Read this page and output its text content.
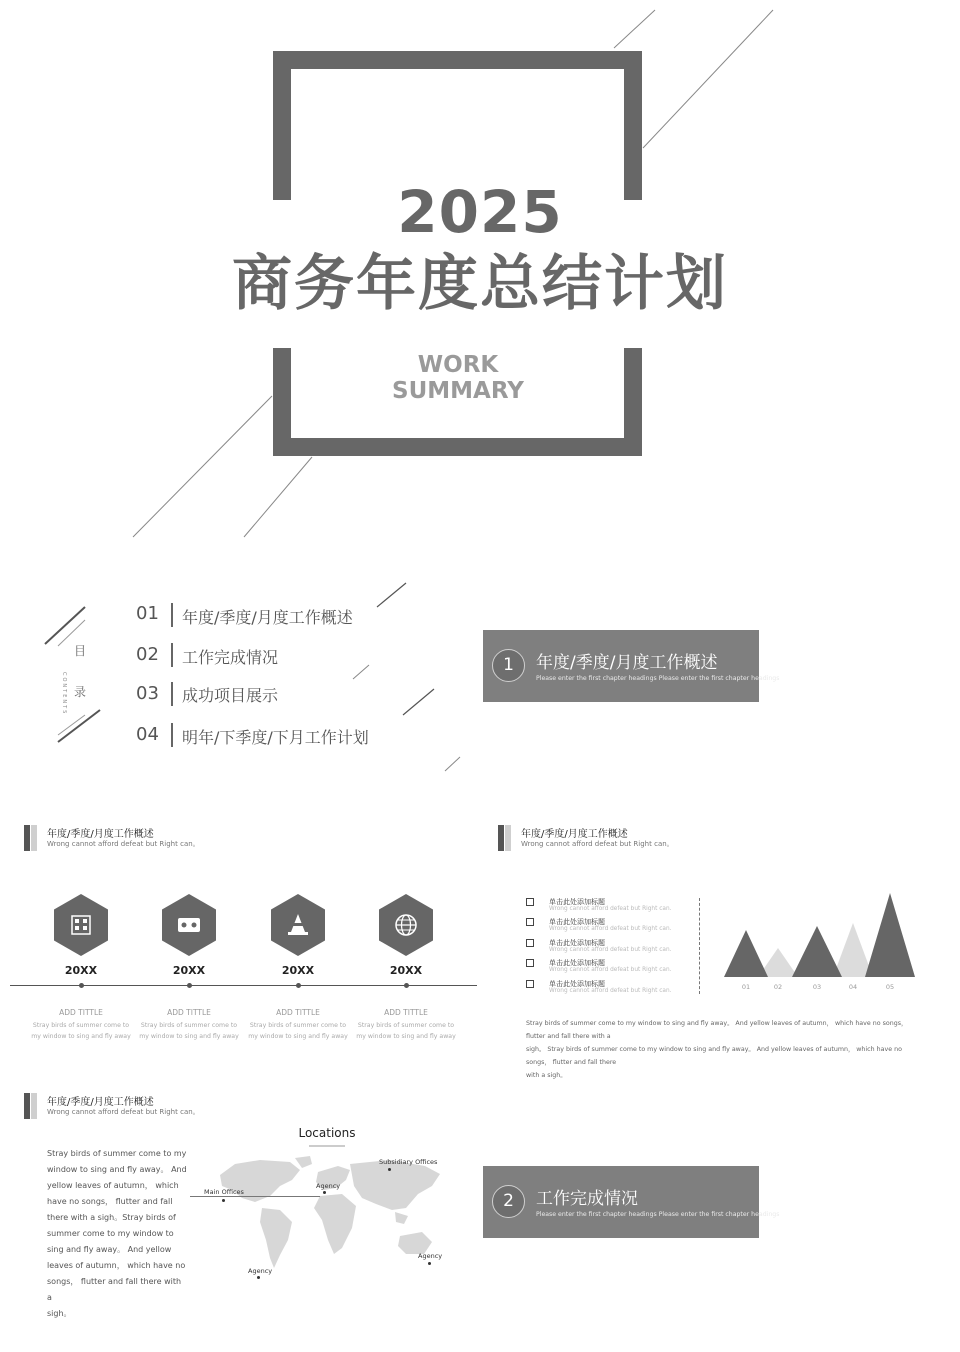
2025
商务年度总结计划
WORK
SUMMARY
目
录
CONTENTS
01 年度/季度/月度工作概述
02 工作完成情况
03 成功项目展示
04 明年/下季度/下月工作计划
1	年度/季度/月度工作概述
Please enter the first chapter headings Please enter the first chapter headings
年度/季度/月度工作概述
Wrong cannot afford defeat but Right can。
20XX	20XX	20XX	20XX
ADD TITTLE	ADD TITTLE	ADD TITTLE	ADD TITTLE
Stray birds of summer come to
my window to sing and fly away
Stray birds of summer come to
my window to sing and fly away
Stray birds of summer come to
my window to sing and fly away
Stray birds of summer come to
my window to sing and fly away
年度/季度/月度工作概述
Wrong cannot afford defeat but Right can。
单击此处添加标题
Wrong cannot afford defeat but Right can.
单击此处添加标题
Wrong cannot afford defeat but Right can.
单击此处添加标题
Wrong cannot afford defeat but Right can.
单击此处添加标题
Wrong cannot afford defeat but Right can.
单击此处添加标题
Wrong cannot afford defeat but Right can.	01	02	03	04	05
Stray birds of summer come to my window to sing and fly away。 And yellow leaves of autumn， which have no songs， flutter and fall there with a
sigh。 Stray birds of summer come to my window to sing and fly away。 And yellow leaves of autumn， which have no songs， flutter and fall there
with a sigh。
年度/季度/月度工作概述
Wrong cannot afford defeat but Right can。
Stray birds of summer come to my
window to sing and fly away。 And
yellow leaves of autumn， which
have no songs， flutter and fall
there with a sigh。Stray birds of
summer come to my window to
sing and fly away。 And yellow
leaves of autumn， which have no
songs， flutter and fall there with a
sigh。
Locations
Main Offices
Agency
Subsidiary Offices
Agency
Agency
2	工作完成情况
Please enter the first chapter headings Please enter the first chapter headings
